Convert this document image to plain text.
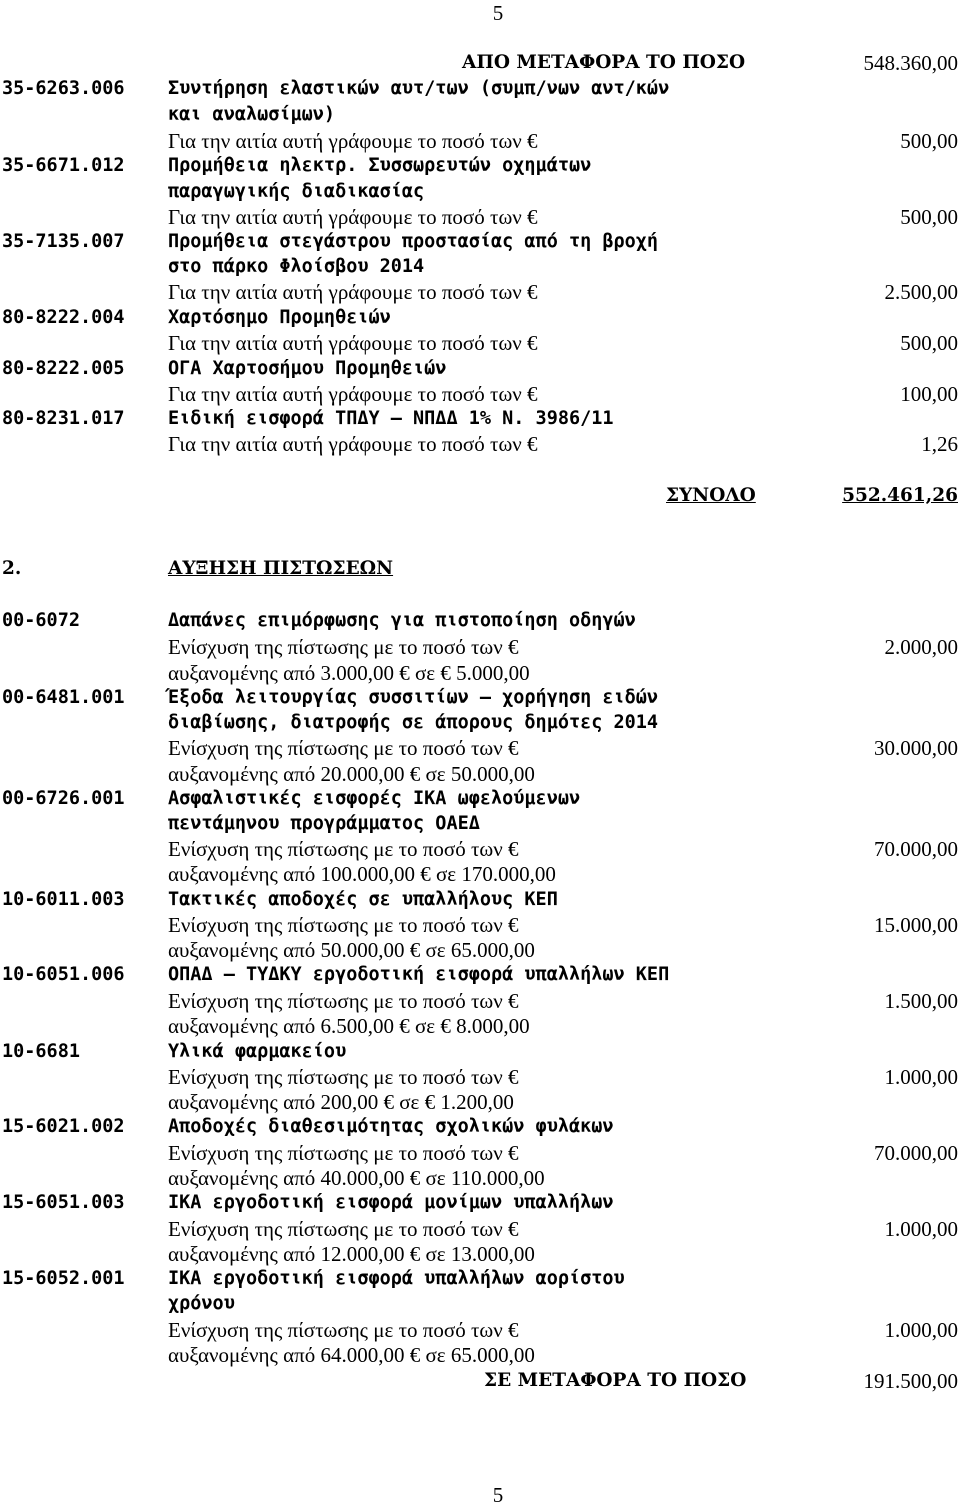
5
ΑΠΟ ΜΕΤΑΦΟΡΑ ΤΟ ΠΟΣΟ	548.360,00
35-6263.006 Συντήρηση ελαστικών αυτ/των (συμπ/νων αντ/κών
και αναλωσίμων)
Για την αιτία αυτή γράφουμε το ποσό των €	500,00
35-6671.012 Προμήθεια ηλεκτρ. Συσσωρευτών οχημάτων
παραγωγικής διαδικασίας
Για την αιτία αυτή γράφουμε το ποσό των €	500,00
35-7135.007 Προμήθεια στεγάστρου προστασίας από τη βροχή
στο πάρκο Φλοίσβου 2014
Για την αιτία αυτή γράφουμε το ποσό των €	2.500,00
80-8222.004 Χαρτόσημο Προμηθειών
Για την αιτία αυτή γράφουμε το ποσό των €	500,00
80-8222.005 ΟΓΑ Χαρτοσήμου Προμηθειών
Για την αιτία αυτή γράφουμε το ποσό των €	100,00
80-8231.017 Ειδική εισφορά ΤΠΔΥ – ΝΠΔΔ 1% Ν. 3986/11
Για την αιτία αυτή γράφουμε το ποσό των €	1,26
ΣΥΝΟΛΟ	552.461,26
2.	ΑΥΞΗΣΗ ΠΙΣΤΩΣΕΩΝ
00-6072	Δαπάνες επιμόρφωσης για πιστοποίηση οδηγών
Ενίσχυση της πίστωσης με το ποσό των €	2.000,00
αυξανομένης από 3.000,00 € σε € 5.000,00
00-6481.001 Έξοδα λειτουργίας συσσιτίων – χορήγηση ειδών
διαβίωσης, διατροφής σε άπορους δημότες 2014
Ενίσχυση της πίστωσης με το ποσό των €	30.000,00
αυξανομένης από 20.000,00 € σε 50.000,00
00-6726.001 Ασφαλιστικές εισφορές ΙΚΑ ωφελούμενων
πεντάμηνου προγράμματος ΟΑΕΔ
Ενίσχυση της πίστωσης με το ποσό των €	70.000,00
αυξανομένης από 100.000,00 € σε 170.000,00
10-6011.003 Τακτικές αποδοχές σε υπαλλήλους ΚΕΠ
Ενίσχυση της πίστωσης με το ποσό των €	15.000,00
αυξανομένης από 50.000,00 € σε 65.000,00
10-6051.006 ΟΠΑΔ – ΤΥΔΚΥ εργοδοτική εισφορά υπαλλήλων ΚΕΠ
Ενίσχυση της πίστωσης με το ποσό των €	1.500,00
αυξανομένης από 6.500,00 € σε € 8.000,00
10-6681	Υλικά φαρμακείου
Ενίσχυση της πίστωσης με το ποσό των €	1.000,00
αυξανομένης από 200,00 € σε € 1.200,00
15-6021.002 Αποδοχές διαθεσιμότητας σχολικών φυλάκων
Ενίσχυση της πίστωσης με το ποσό των €	70.000,00
αυξανομένης από 40.000,00 € σε 110.000,00
15-6051.003 ΙΚΑ εργοδοτική εισφορά μονίμων υπαλλήλων
Ενίσχυση της πίστωσης με το ποσό των €	1.000,00
αυξανομένης από 12.000,00 € σε 13.000,00
15-6052.001 ΙΚΑ εργοδοτική εισφορά υπαλλήλων αορίστου
χρόνου
Ενίσχυση της πίστωσης με το ποσό των €	1.000,00
αυξανομένης από 64.000,00 € σε 65.000,00
ΣΕ ΜΕΤΑΦΟΡΑ ΤΟ ΠΟΣΟ	191.500,00
5
